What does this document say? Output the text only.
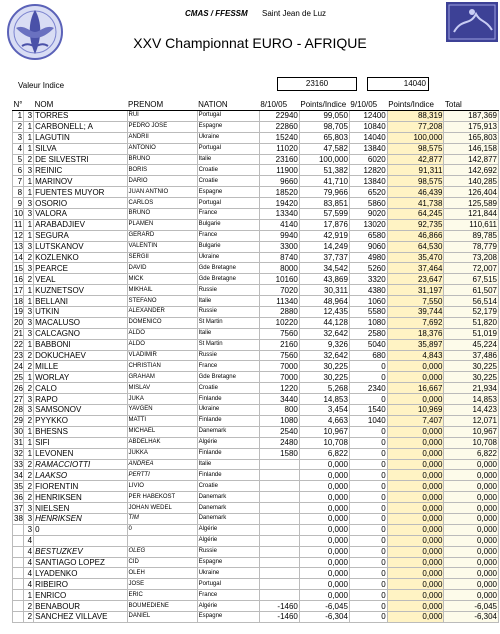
CMAS / FFESSM Saint Jean de Luz
XXV Championnat EURO - AFRIQUE
Valeur Indice	23160	14040
N°		NOM	PRENOM	NATION	8/10/05	Points/Indice	9/10/05	Points/Indice	Total
1	3	TORRES	RUI	Portugal	22940	99,050	12400	88,319	187,369
2	1	CARBONELL; A	PEDRO JOSE	Espagne	22860	98,705	10840	77,208	175,913
3	1	LAGUTIN	ANDRII	Ukraine	15240	65,803	14040	100,000	165,803
4	1	SILVA	ANTONIO	Portugal	11020	47,582	13840	98,575	146,158
5	2	DE SILVESTRI	BRUNO	Italie	23160	100,000	6020	42,877	142,877
6	3	REINIC	BORIS	Croatie	11900	51,382	12820	91,311	142,692
7	1	MARINOV	DARIO	Croatie	9660	41,710	13840	98,575	140,285
8	1	FUENTES MUYOR	JUAN ANTNIO	Espagne	18520	79,966	6520	46,439	126,404
9	3	OSORIO	CARLOS	Portugal	19420	83,851	5860	41,738	125,589
10	3	VALORA	BRUNO	France	13340	57,599	9020	64,245	121,844
11	1	ARABADJIEV	PLAMEN	Bulgarie	4140	17,876	13020	92,735	110,611
12	1	SEGURA	GERARD	France	9940	42,919	6580	46,866	89,785
13	3	LUTSKANOV	VALENTIN	Bulgarie	3300	14,249	9060	64,530	78,779
14	2	KOZLENKO	SERGII	Ukraine	8740	37,737	4980	35,470	73,208
15	3	PEARCE	DAVID	Gde Bretagne	8000	34,542	5260	37,464	72,007
16	2	VEAL	MICK	Gde Bretagne	10160	43,869	3320	23,647	67,515
17	1	KUZNETSOV	MIKHAIL	Russie	7020	30,311	4380	31,197	61,507
18	1	BELLANI	STEFANO	Italie	11340	48,964	1060	7,550	56,514
19	3	UTKIN	ALEXANDER	Russie	2880	12,435	5580	39,744	52,179
20	3	MACALUSO	DOMENICO	St Martin	10220	44,128	1080	7,692	51,820
21	3	CALCAGNO	ALDO	Italie	7560	32,642	2580	18,376	51,019
22	1	BABBONI	ALDO	St Martin	2160	9,326	5040	35,897	45,224
23	2	DOKUCHAEV	VLADIMIR	Russie	7560	32,642	680	4,843	37,486
24	2	MILLE	CHRISTIAN	France	7000	30,225	0	0,000	30,225
25	1	WORLAY	GRAHAM	Gde Bretagne	7000	30,225	0	0,000	30,225
26	2	CALO	MISLAV	Croatie	1220	5,268	2340	16,667	21,934
27	3	RAPO	JUKA	Finlande	3440	14,853	0	0,000	14,853
28	3	SAMSONOV	YAVGEN	Ukraine	800	3,454	1540	10,969	14,423
29	2	PYYKKO	MATTI	Finlande	1080	4,663	1040	7,407	12,071
30	1	BHESNS	MICHAEL	Danemark	2540	10,967	0	0,000	10,967
31	1	SIFI	ABDELHAK	Algérie	2480	10,708	0	0,000	10,708
32	1	LEVONEN	JUKKA	Finlande	1580	6,822	0	0,000	6,822
33	2	RAMACCIOTTI	ANDREA	Italie		0,000	0	0,000	0,000
34	2	LAAKSO	PERTTI	Finlande		0,000	0	0,000	0,000
35	2	FIORENTIN	LIVIO	Croatie		0,000	0	0,000	0,000
36	2	HENRIKSEN	PER HABEKOST	Danemark		0,000	0	0,000	0,000
37	3	NIELSEN	JOHAN WEDEL	Danemark		0,000	0	0,000	0,000
38	3	HENRIKSEN	TIM	Danemark		0,000	0	0,000	0,000
	3	0	0	Algérie		0,000	0	0,000	0,000
	4			Algérie		0,000	0	0,000	0,000
	4	BESTUZKEV	OLEG	Russie		0,000	0	0,000	0,000
	4	SANTIAGO LOPEZ	CID	Espagne		0,000	0	0,000	0,000
	4	LYADENKO	OLEH	Ukraine		0,000	0	0,000	0,000
	4	RIBEIRO	JOSE	Portugal		0,000	0	0,000	0,000
	1	ENRICO	ERIC	France		0,000	0	0,000	0,000
	2	BENABOUR	BOUMEDIENE	Algérie	-1460	-6,045	0	0,000	-6,045
	2	SANCHEZ VILLAVE	DANIEL	Espagne	-1460	-6,304	0	0,000	-6,304
